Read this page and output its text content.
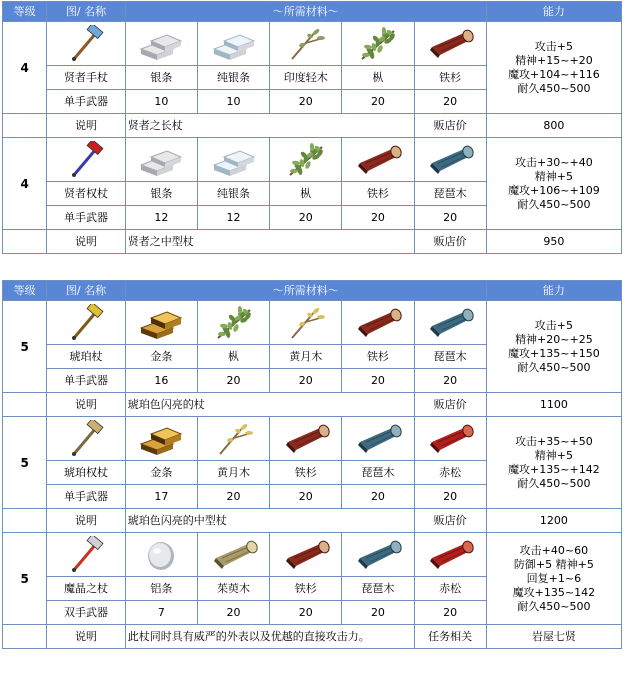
等级	图/ 名称	～所需材料～					能力
4							攻击+5
精神+15~+20
魔攻+104~+116
耐久450~500

	贤者手杖	银条	纯银条	印度轻木	枞	铁杉	
	单手武器	10	10	20	20	20	
	说明	贤者之长杖				贩店价	800
4							攻击+30~+40
精神+5
魔攻+106~+109
耐久450~500

	贤者权杖	银条	纯银条	枞	铁杉	琵琶木	
	单手武器	12	12	20	20	20	
	说明	贤者之中型杖				贩店价	950
等级	图/ 名称	～所需材料～					能力
5							攻击+5
精神+20~+25
魔攻+135~+150
耐久450~500

	琥珀杖	金条	枞	黄月木	铁杉	琵琶木	
	单手武器	16	20	20	20	20	
	说明	琥珀色闪亮的杖				贩店价	1100
5							攻击+35~+50
精神+5
魔攻+135~+142
耐久450~500

	琥珀权杖	金条	黄月木	铁杉	琵琶木	赤松	
	单手武器	17	20	20	20	20	
	说明	琥珀色闪亮的中型杖				贩店价	1200
5							攻击+40~60
防御+5 精神+5
回复+1~6
魔攻+135~142
耐久450~500

	魔晶之杖	铝条	茱萸木	铁杉	琵琶木	赤松	
	双手武器	7	20	20	20	20	
	说明	此杖同时具有威严的外表以及优越的直接攻击力。				任务相关	岩屋七贤
